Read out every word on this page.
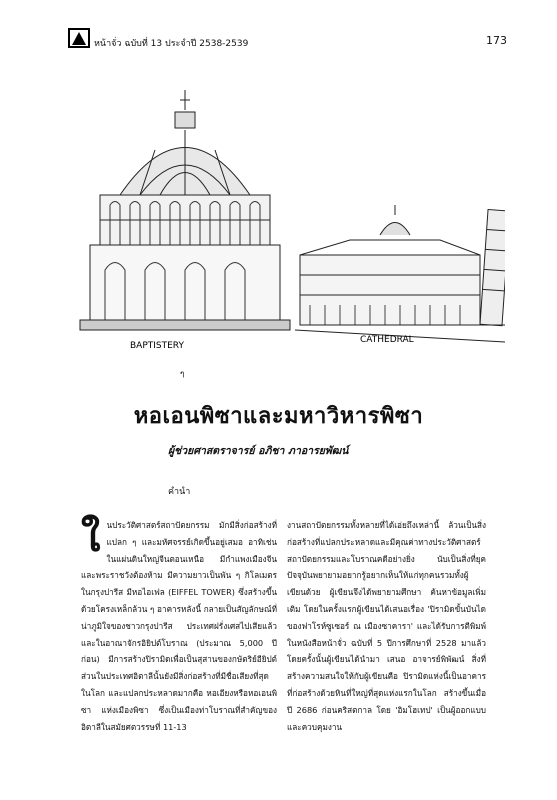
หน้าจั่ว ฉบับที่ 13 ประจำปี 2538-2539	173
BAPTISTERY
ๆ
CATHEDRAL
หอเอนพิซาและมหาวิหารพิซา
ผู้ช่วยศาสตราจารย์ อภิชา ภาอารยพัฒน์
คำนำ
ใ นประวัติศาสตร์สถาปัตยกรรม มักมีสิ่งก่อสร้างที่แปลก ๆ และมหัศจรรย์เกิดขึ้นอยู่เสมอ อาทิเช่น ในแผ่นดินใหญ่จีนตอนเหนือ มีกำแพงเมืองจีนและพระราชวังต้องห้าม มีความยาวเป็นพัน ๆ กิโลเมตร ในกรุงปารีส มีหอไอเฟล (EIFFEL TOWER) ซึ่งสร้างขึ้นด้วยโครงเหล็กล้วน ๆ อาคารหลังนี้ กลายเป็นสัญลักษณ์ที่น่าภูมิใจของชาวกรุงปารีส ประเทศฝรั่งเศสไปเสียแล้ว และในอาณาจักรอิยิปต์โบราณ (ประมาณ 5,000 ปีก่อน) มีการสร้างปิรามิดเพื่อเป็นสุสานของกษัตริย์อียิปต์ ส่วนในประเทศอิตาลีนั้นยังมีสิ่งก่อสร้างที่มีชื่อเสียงที่สุดในโลก และแปลกประหลาดมากคือ หอเอียงหรือหอเอนพิซา แห่งเมืองพิซา ซึ่งเป็นเมืองท่าโบราณที่สำคัญของอิตาลีในสมัยศตวรรษที่ 11-13

งานสถาปัตยกรรมทั้งหลายที่ได้เอ่ยถึงเหล่านี้ ล้วนเป็นสิ่งก่อสร้างที่แปลกประหลาดและมีคุณค่าทางประวัติศาสตร์ สถาปัตยกรรมและโบราณคดีอย่างยิ่ง นับเป็นสิ่งที่ยุคปัจจุบันพยายามอยากรู้อยากเห็นให้แก่ทุกคนรวมทั้งผู้เขียนด้วย ผู้เขียนจึงได้พยายามศึกษา ค้นหาข้อมูลเพิ่มเติม โดยในครั้งแรกผู้เขียนได้เสนอเรื่อง 'ปิรามิดขั้นบันไดของฟาโรห์ซูเซอร์ ณ เมืองซาคารา' และได้รับการตีพิมพ์ ในหนังสือหน้าจั่ว ฉบับที่ 5 ปีการศึกษาที่ 2528 มาแล้ว โดยครั้งนั้นผู้เขียนได้นำมา เสนอ อาจารย์พิพัฒน์ สิ่งที่สร้างความสนใจให้กับผู้เขียนคือ ปิรามิดแห่งนี้เป็นอาคารที่ก่อสร้างด้วยหินที่ใหญ่ที่สุดแห่งแรกในโลก สร้างขึ้นเมื่อปี 2686 ก่อนคริสตกาล โดย 'อิมโฮเทป' เป็นผู้ออกแบบและควบคุมงาน
